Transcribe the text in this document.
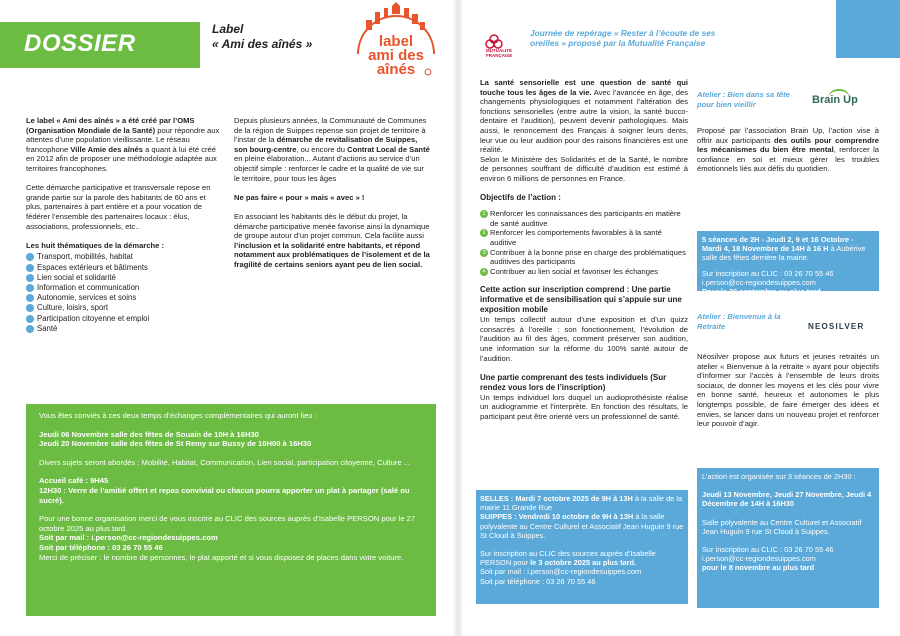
DOSSIER
Label
« Ami des aînés »	label
ami des
aînés

Le label « Ami des aînés » a été créé par l’OMS (Organisation Mondiale de la Santé) pour répondre aux attentes d’une population vieillissante. Le réseau francophone Ville Amie des aînés a quant à lui été créé en 2012 afin de proposer une méthodologie adaptée aux territoires francophones.

Cette démarche participative et transversale repose en grande partie sur la parole des habitants de 60 ans et plus, partenaires à part entière et a pour vocation de fédérer l’ensemble des partenaires locaux : élus, associations, professionnels, etc..

Les huit thématiques de la démarche :

Transport, mobilités, habitat
Espaces extérieurs et bâtiments
Lien social et solidarité
Information et communication
Autonomie, services et soins
Culture, loisirs, sport
Participation citoyenne et emploi
Santé

Depuis plusieurs années, la Communauté de Communes de la région de Suippes repense son projet de territoire à l’instar de la démarche de revitalisation de Suippes, son bourg-centre, ou encore du Contrat Local de Santé en pleine élaboration... Autant d’actions au service d’un objectif simple : renforcer le cadre et la qualité de vie sur le territoire, pour tous les âges

Ne pas faire « pour » mais « avec » !

En associant les habitants dès le début du projet, la démarche participative menée favorise ainsi la dynamique de groupe autour d’un projet commun. Cela facilite aussi l’inclusion et la solidarité entre habitants, et répond notamment aux problématiques de l’isolement et de la fragilité de certains seniors ayant peu de lien social.

Vous êtes conviés à ces deux temps d’échanges complémentaires qui auront lieu :

Jeudi 06 Novembre salle des fêtes de Souain de 10H à 16H30

Jeudi 20 Novembre salle des fêtes de St Remy sur Bussy de 10H00 à 16H30

Divers sujets seront abordés : Mobilité, Habitat, Communication, Lien social, participation citoyenne, Culture ...

Accueil café : 9H45

12H30 : Verre de l’amitié offert et repas convivial ou chacun pourra apporter un plat à partager (salé ou sucré).

Pour une bonne organisation merci de vous inscrire au CLIC des sources auprès d’Isabelle PERSON pour le 27 octobre 2025 au plus tard.

Soit par mail : i.person@cc-regiondesuippes.com

Soit par téléphone : 03 26 70 55 46

Merci de préciser : le nombre de personnes, le plat apporté et si vous disposez de places dans votre voiture.

MUTUALITÉ FRANÇAISE
Journée de repérage « Rester à l’écoute de ses oreilles » proposé par la Mutualité Française

La santé sensorielle est une question de santé qui touche tous les âges de la vie. Avec l’avancée en âge, des changements physiologiques et notamment l’altération des fonctions sensorielles (entre autre la vision, la santé bucco-dentaire et l’audition), peuvent devenir pathologiques. Mais aussi, le renoncement des Français à soigner leurs dents, leur vue ou leur audition pour des raisons financières est une réalité.
Selon le Ministère des Solidarités et de la Santé, le nombre de personnes souffrant de difficulté d’audition est estimé à environ 6 millions de personnes en France.

Objectifs de l’action :
1 Renforcer les connaissances des participants en matière de santé auditive
2 Renforcer les comportements favorables à la santé auditive
3 Contribuer à la bonne prise en charge des problématiques auditives des participants
4 Contribuer au lien social et favoriser les échanges
Cette action sur inscription comprend : Une partie informative et de sensibilisation qui s’appuie sur une exposition mobile

Un temps collectif autour d’une exposition et d’un quizz consacrés à l’oreille : son fonctionnement, l’évolution de l’audition au fil des âges, comment préserver son audition, une information sur la réforme du 100% santé autour de l’audition.

Une partie comprenant des tests individuels (Sur rendez vous lors de l’inscription)

Un temps individuel lors duquel un audioprothésiste réalise un audiogramme et l’interprète. En fonction des résultats, le participant peut être orienté vers un professionnel de santé.

SELLES : Mardi 7 octobre 2025 de 9H à 13H à la salle de la mairie 11 Grande Rue

SUIPPES : Vendredi 10 octobre de 9H à 13H à la salle polyvalente au Centre Culturel et Associatif Jean Huguin 9 rue St Cloud à Suippes.

Sur inscription au CLIC des sources auprès d’Isabelle PERSON pour le 3 octobre 2025 au plus tard.

Soit par mail : i.person@cc-regiondesuippes.com

Soit par téléphone : 03 26 70 55 46

Brain Up
Atelier : Bien dans sa tête pour bien vieillir

Proposé par l’association Brain Up, l’action vise à offrir aux participants des outils pour comprendre les mécanismes du bien être mental, renforcer la confiance en soi et mieux gérer les troubles émotionnels liés aux défis du quotidien.

5 séances de 2H - Jeudi 2, 9 et 16 Octobre - Mardi 4, 18 Novembre de 14H à 16 H à Aubérive salle des fêtes derrière la mairie.

Sur inscription au CLIC : 03 26 70 55 46

i.person@cc-regiondesuippes.com

Pour le 26 septembre au plus tard

Atelier : Bienvenue à la Retraite	NEOSILVER

Néosilver propose aux futurs et jeunes retraités un atelier « Bienvenue à la retraite » ayant pour objectifs d’informer sur l’accès à l’ensemble de leurs droits sociaux, de donner les moyens et les clés pour vivre en bonne santé, heureux et autonomes le plus longtemps possible, de faire émerger des idées et envies, se lancer dans un nouveau projet et renforcer leur pouvoir d’agir.

L’action est organisée sur 3 séances de 2H30 :

Jeudi 13 Novembre, Jeudi 27 Novembre, Jeudi 4 Décembre de 14H à 16H30

Salle polyvalente au Centre Culturel et Associatif Jean Huguin 9 rue St Cloud à Suippes.

Sur inscription au CLIC : 03 26 70 55 46

i.person@cc-regiondesuippes.com

pour le 8 novembre au plus tard
